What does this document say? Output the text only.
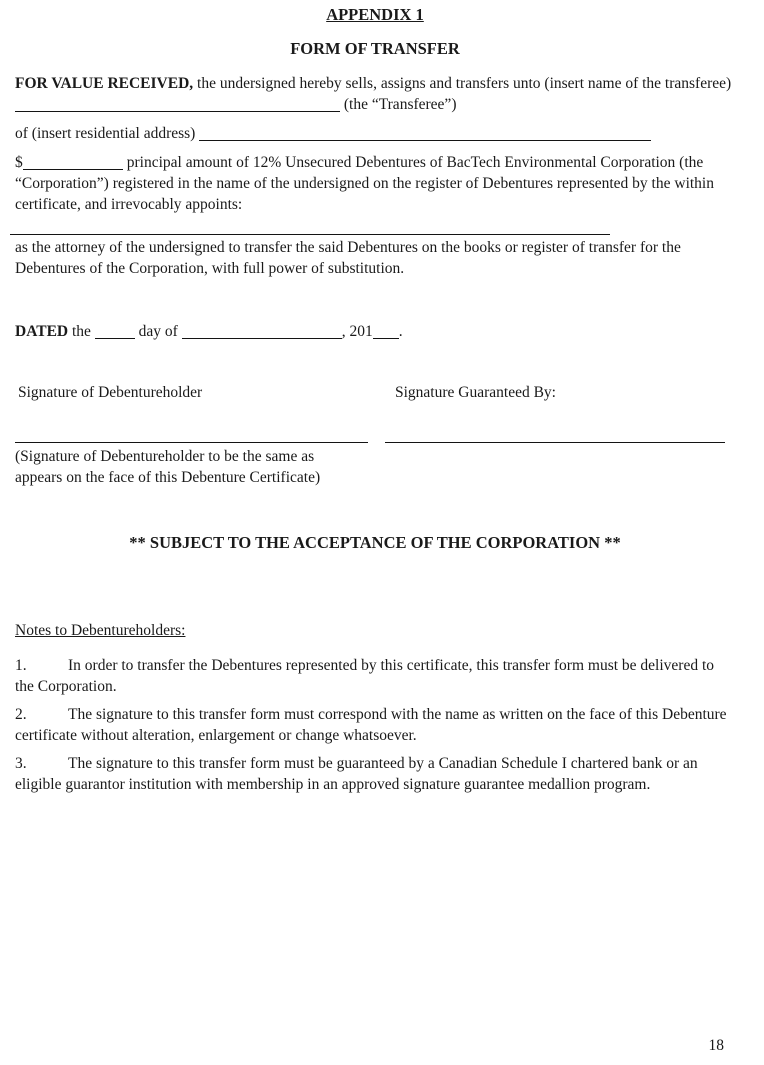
APPENDIX 1
FORM OF TRANSFER

FOR VALUE RECEIVED, the undersigned hereby sells, assigns and transfers unto (insert name of the transferee)

(the “Transferee”)

of (insert residential address)

$	principal amount of 12% Unsecured Debentures of BacTech Environmental Corporation (the “Corporation”) registered in the name of the undersigned on the register of Debentures represented by the within certificate, and irrevocably appoints:

as the attorney of the undersigned to transfer the said Debentures on the books or register of transfer for the Debentures of the Corporation, with full power of substitution.

DATED the	day of	, 201 .

Signature of Debentureholder
(Signature of Debentureholder to be the same as appears on the face of this Debenture Certificate)
Signature Guaranteed By:
** SUBJECT TO THE ACCEPTANCE OF THE CORPORATION **

Notes to Debentureholders:

1.	In order to transfer the Debentures represented by this certificate, this transfer form must be delivered to the Corporation.

2.	The signature to this transfer form must correspond with the name as written on the face of this Debenture certificate without alteration, enlargement or change whatsoever.

3.	The signature to this transfer form must be guaranteed by a Canadian Schedule I chartered bank or an eligible guarantor institution with membership in an approved signature guarantee medallion program.

18
